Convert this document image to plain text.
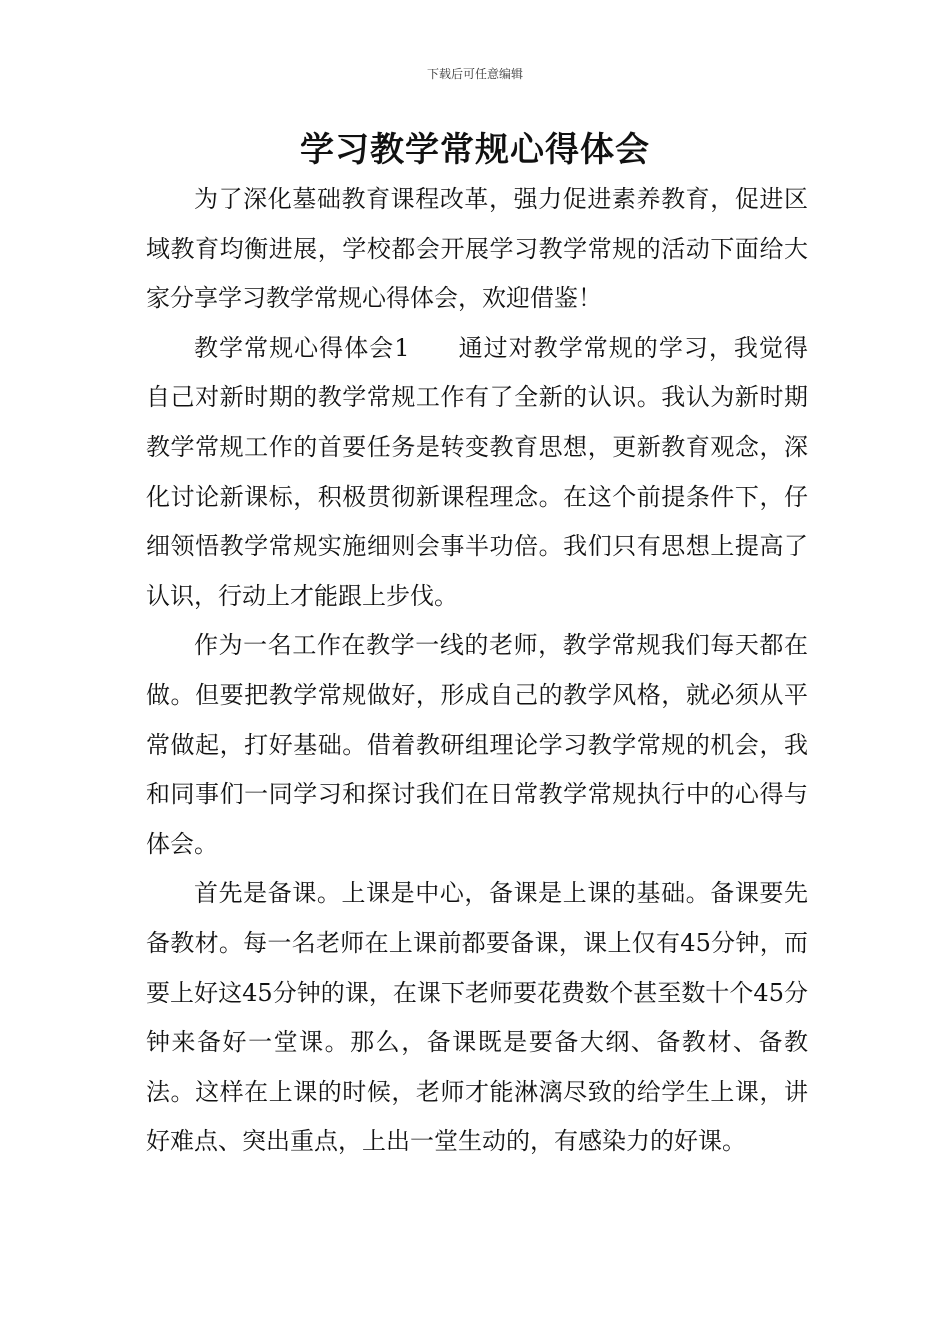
下载后可任意编辑
学习教学常规心得体会

为了深化墓础教育课程改革，强力促进素养教育，促进区域教育均衡进展，学校都会开展学习教学常规的活动下面给大家分享学习教学常规心得体会，欢迎借鉴！

教学常规心得体会1 通过对教学常规的学习，我觉得自己对新时期的教学常规工作有了全新的认识。我认为新时期教学常规工作的首要任务是转变教育思想，更新教育观念，深化讨论新课标，积极贯彻新课程理念。在这个前提条件下，仔细领悟教学常规实施细则会事半功倍。我们只有思想上提高了认识，行动上才能跟上步伐。

作为一名工作在教学一线的老师，教学常规我们每天都在做。但要把教学常规做好，形成自己的教学风格，就必须从平常做起，打好基础。借着教研组理论学习教学常规的机会，我和同事们一同学习和探讨我们在日常教学常规执行中的心得与体会。

首先是备课。上课是中心，备课是上课的基础。备课要先备教材。每一名老师在上课前都要备课，课上仅有45分钟，而要上好这45分钟的课，在课下老师要花费数个甚至数十个45分钟来备好一堂课。那么，备课既是要备大纲、备教材、备教法。这样在上课的时候，老师才能淋漓尽致的给学生上课，讲好难点、突出重点，上出一堂生动的，有感染力的好课。
